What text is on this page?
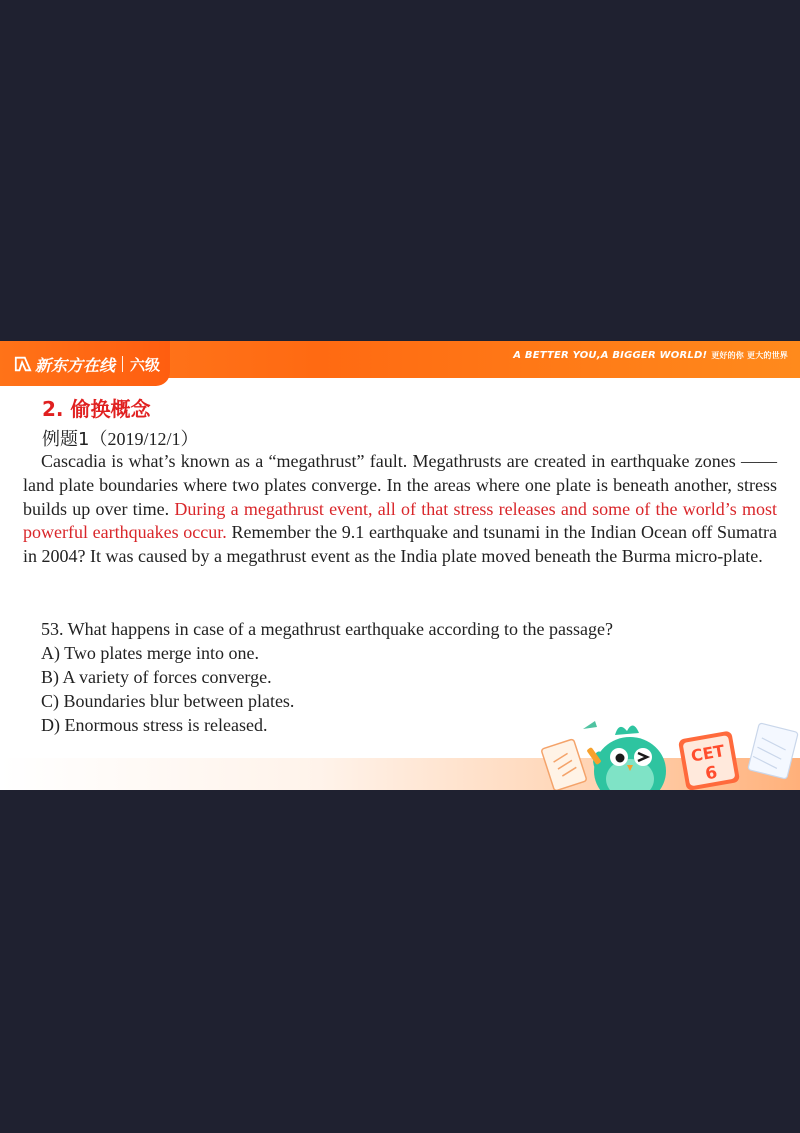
新东方在线 六级	A BETTER YOU,A BIGGER WORLD! 更好的你 更大的世界
2. 偷换概念
例题1（2019/12/1）
Cascadia is what’s known as a “megathrust” fault. Megathrusts are created in earthquake zones —— land plate boundaries where two plates converge. In the areas where one plate is beneath another, stress builds up over time. During a megathrust event, all of that stress releases and some of the world’s most powerful earthquakes occur. Remember the 9.1 earthquake and tsunami in the Indian Ocean off Sumatra in 2004? It was caused by a megathrust event as the India plate moved beneath the Burma micro-plate.
53. What happens in case of a megathrust earthquake according to the passage?
A) Two plates merge into one.
B) A variety of forces converge.
C) Boundaries blur between plates.
D) Enormous stress is released.
CET
6
